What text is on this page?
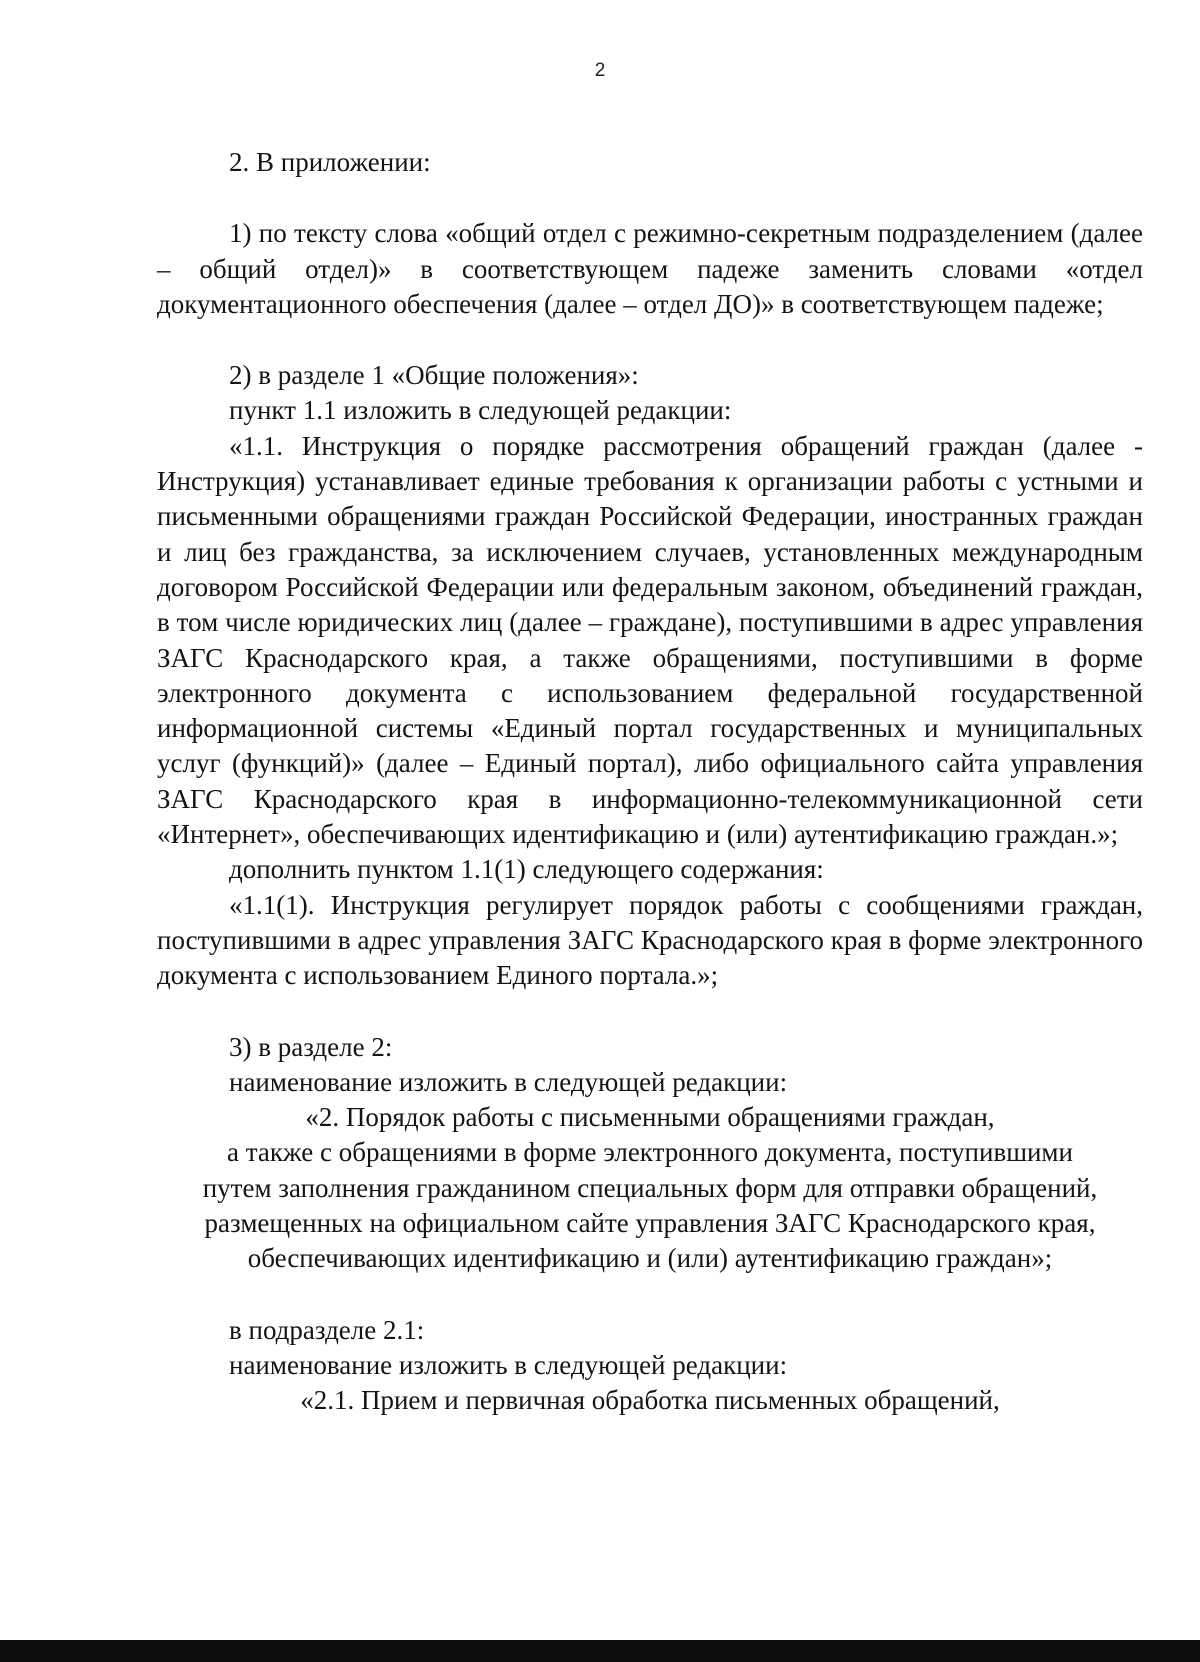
2

2. В приложении:

1) по тексту слова «общий отдел с режимно-секретным подразделением (далее – общий отдел)» в соответствующем падеже заменить словами «отдел документационного обеспечения (далее – отдел ДО)» в соответствующем падеже;

2) в разделе 1 «Общие положения»:

пункт 1.1 изложить в следующей редакции:

«1.1. Инструкция о порядке рассмотрения обращений граждан (далее - Инструкция) устанавливает единые требования к организации работы с устными и письменными обращениями граждан Российской Федерации, иностранных граждан и лиц без гражданства, за исключением случаев, установленных международным договором Российской Федерации или федеральным законом, объединений граждан, в том числе юридических лиц (далее – граждане), поступившими в адрес управления ЗАГС Краснодарского края, а также обращениями, поступившими в форме электронного документа с использованием федеральной государственной информационной системы «Единый портал государственных и муниципальных услуг (функций)» (далее – Единый портал), либо официального сайта управления ЗАГС Краснодарского края в информационно-телекоммуникационной сети «Интернет», обеспечивающих идентификацию и (или) аутентификацию граждан.»;

дополнить пунктом 1.1(1) следующего содержания:

«1.1(1). Инструкция регулирует порядок работы с сообщениями граждан, поступившими в адрес управления ЗАГС Краснодарского края в форме электронного документа с использованием Единого портала.»;

3) в разделе 2:

наименование изложить в следующей редакции:

«2. Порядок работы с письменными обращениями граждан,
а также с обращениями в форме электронного документа, поступившими
путем заполнения гражданином специальных форм для отправки обращений,
размещенных на официальном сайте управления ЗАГС Краснодарского края,
обеспечивающих идентификацию и (или) аутентификацию граждан»;

в подразделе 2.1:

наименование изложить в следующей редакции:

«2.1. Прием и первичная обработка письменных обращений,
